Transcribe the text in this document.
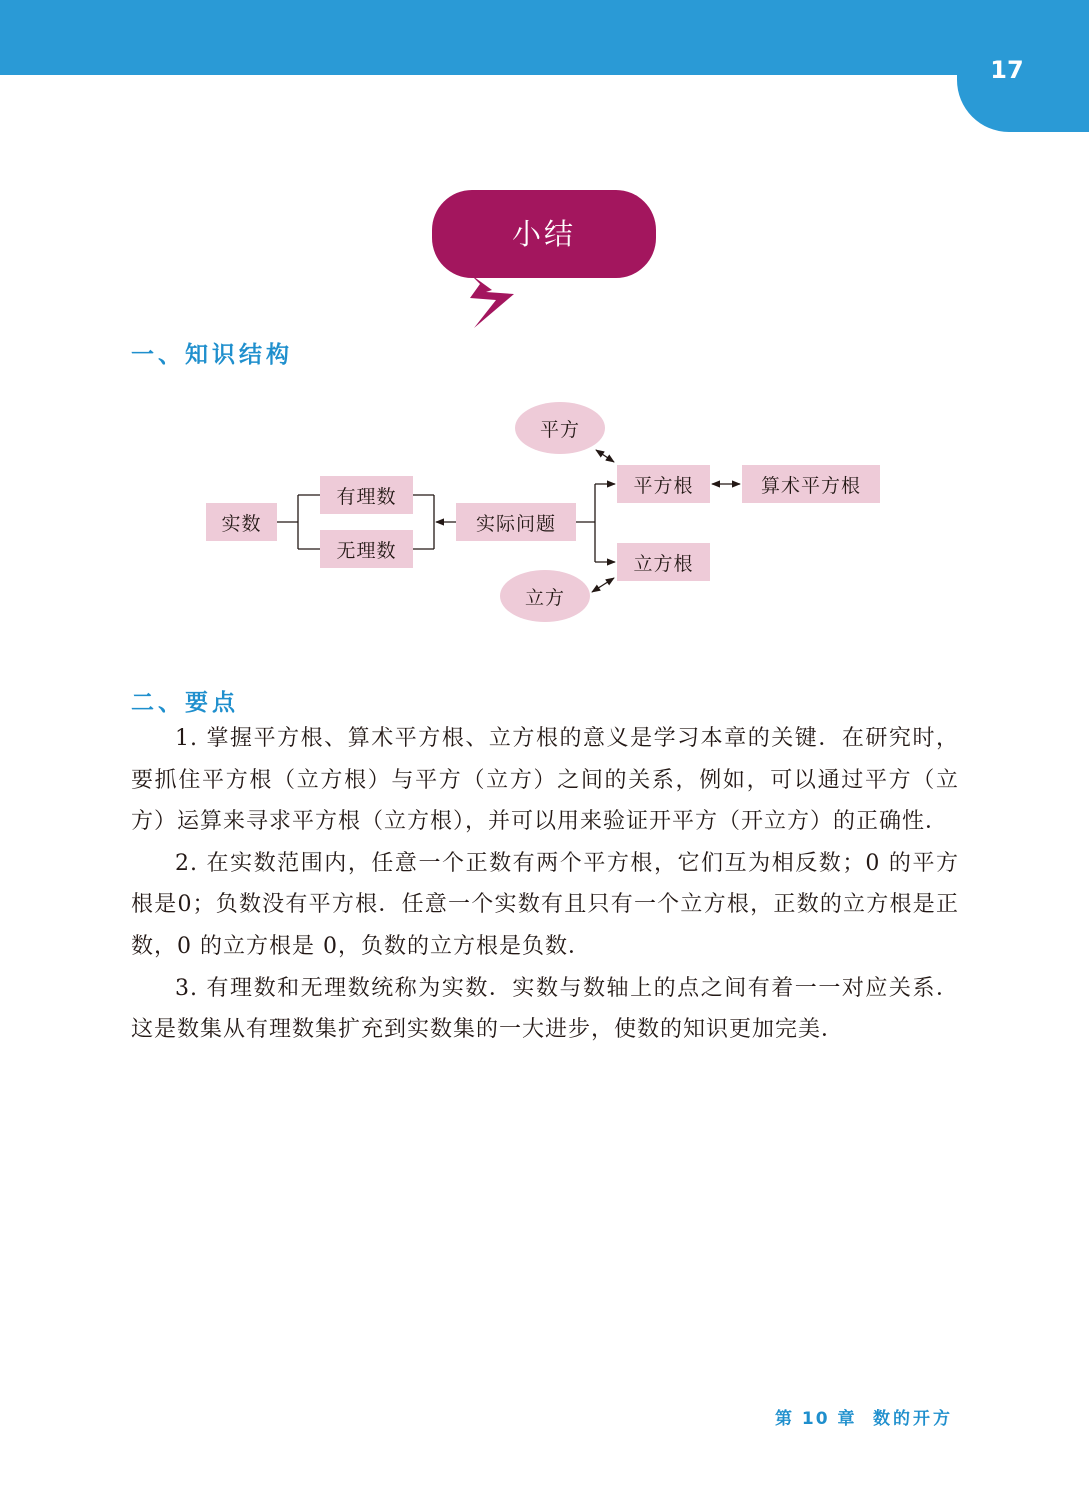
17
小结
一、知识结构
平方
立方
实数
有理数
无理数
实际问题
平方根	算术平方根
立方根
二、要点

1. 掌握平方根、算术平方根、立方根的意义是学习本章的关键．在研究时，要抓住平方根（立方根）与平方（立方）之间的关系，例如，可以通过平方（立方）运算来寻求平方根（立方根），并可以用来验证开平方（开立方）的正确性．

2. 在实数范围内，任意一个正数有两个平方根，它们互为相反数；0 的平方根是0；负数没有平方根．任意一个实数有且只有一个立方根，正数的立方根是正数，0 的立方根是 0，负数的立方根是负数．

3. 有理数和无理数统称为实数．实数与数轴上的点之间有着一一对应关系．这是数集从有理数集扩充到实数集的一大进步，使数的知识更加完美．

第 10 章 数的开方
